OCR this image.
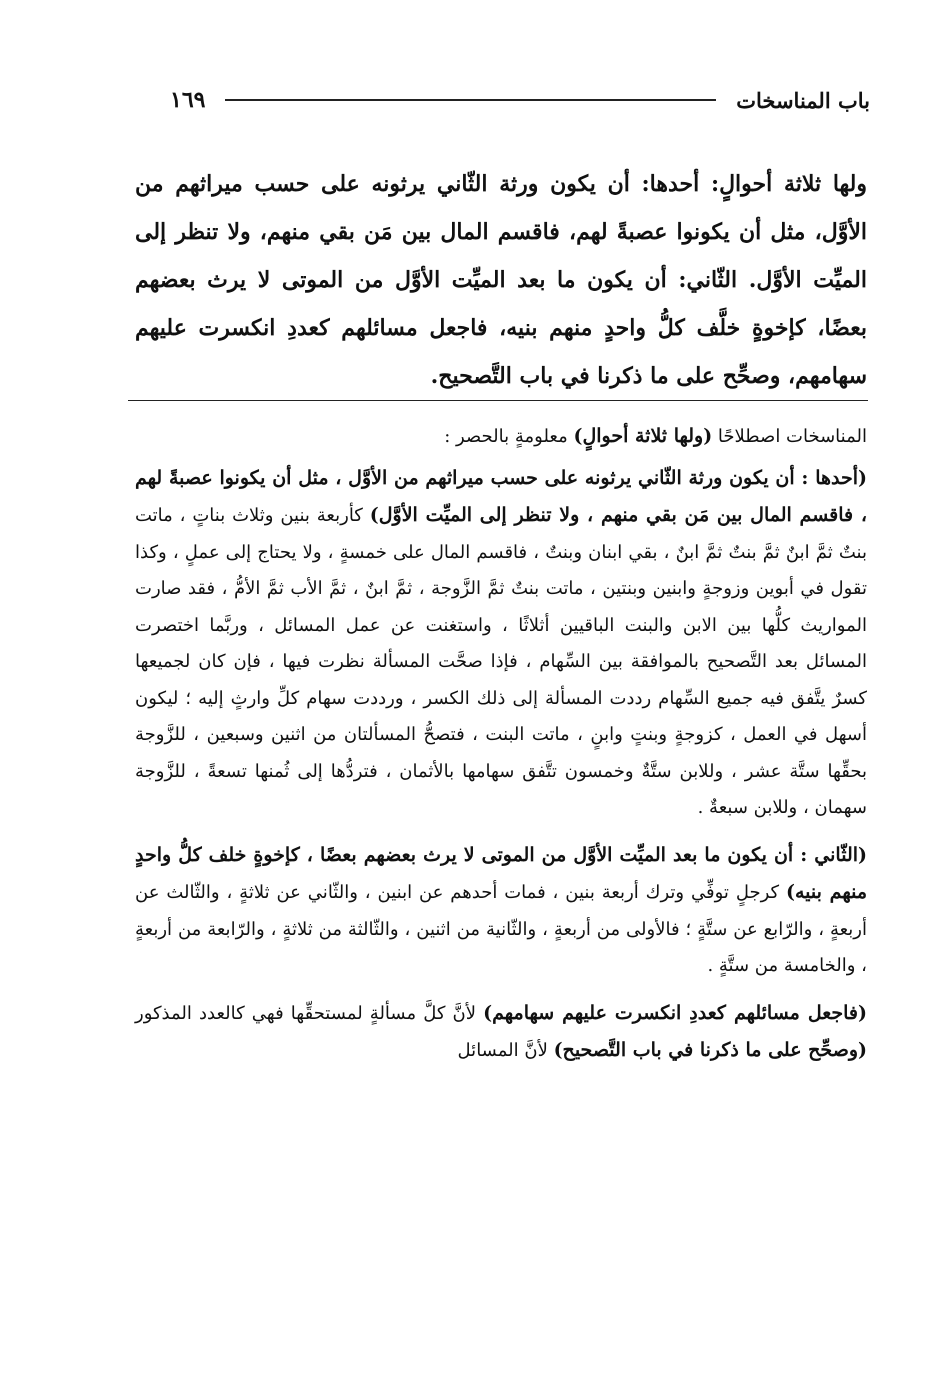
باب المناسخات
١٦٩

ولها ثلاثة أحوالٍ: أحدها: أن يكون ورثة الثّاني يرثونه على حسب ميراثهم من الأوَّل، مثل أن يكونوا عصبةً لهم، فاقسم المال بين مَن بقي منهم، ولا تنظر إلى الميِّت الأوَّل. الثّاني: أن يكون ما بعد الميِّت الأوَّل من الموتى لا يرث بعضهم بعضًا، كإخوةٍ خلَّف كلُّ واحدٍ منهم بنيه، فاجعل مسائلهم كعددِ انكسرت عليهم سهامهم، وصحِّح على ما ذكرنا في باب التَّصحيح.

المناسخات اصطلاحًا (ولها ثلاثة أحوالٍ) معلومةٍ بالحصر :

(أحدها : أن يكون ورثة الثّاني يرثونه على حسب ميراثهم من الأوَّل ، مثل أن يكونوا عصبةً لهم ، فاقسم المال بين مَن بقي منهم ، ولا تنظر إلى الميِّت الأوَّل) كأربعة بنين وثلاث بناتٍ ، ماتت بنتٌ ثمَّ ابنٌ ثمَّ بنتٌ ثمَّ ابنٌ ، بقي ابنان وبنتٌ ، فاقسم المال على خمسةٍ ، ولا يحتاج إلى عملٍ ، وكذا تقول في أبوين وزوجةٍ وابنين وبنتين ، ماتت بنتٌ ثمَّ الزَّوجة ، ثمَّ ابنٌ ، ثمَّ الأب ثمَّ الأمُّ ، فقد صارت المواريث كلُّها بين الابن والبنت الباقيين أثلاثًا ، واستغنت عن عمل المسائل ، وربَّما اختصرت المسائل بعد التَّصحيح بالموافقة بين السِّهام ، فإذا صحَّت المسألة نظرت فيها ، فإن كان لجميعها كسرٌ يتَّفق فيه جميع السِّهام رددت المسألة إلى ذلك الكسر ، ورددت سهام كلِّ وارثٍ إليه ؛ ليكون أسهل في العمل ، كزوجةٍ وبنتٍ وابنٍ ، ماتت البنت ، فتصحُّ المسألتان من اثنين وسبعين ، للزَّوجة بحقِّها ستَّة عشر ، وللابن ستَّةٌ وخمسون تتَّفق سهامها بالأثمان ، فتردُّها إلى ثُمنها تسعةً ، للزَّوجة سهمان ، وللابن سبعةٌ .

(الثّاني : أن يكون ما بعد الميِّت الأوَّل من الموتى لا يرث بعضهم بعضًا ، كإخوةٍ خلف كلُّ واحدٍ منهم بنيه) كرجلٍ توفِّي وترك أربعة بنين ، فمات أحدهم عن ابنين ، والثّاني عن ثلاثةٍ ، والثّالث عن أربعةٍ ، والرّابع عن ستَّةٍ ؛ فالأولى من أربعةٍ ، والثّانية من اثنين ، والثّالثة من ثلاثةٍ ، والرّابعة من أربعةٍ ، والخامسة من ستَّةٍ .

(فاجعل مسائلهم كعددِ انكسرت عليهم سهامهم) لأنَّ كلَّ مسألةٍ لمستحقِّها فهي كالعدد المذكور (وصحِّح على ما ذكرنا في باب التَّصحيح) لأنَّ المسائل
